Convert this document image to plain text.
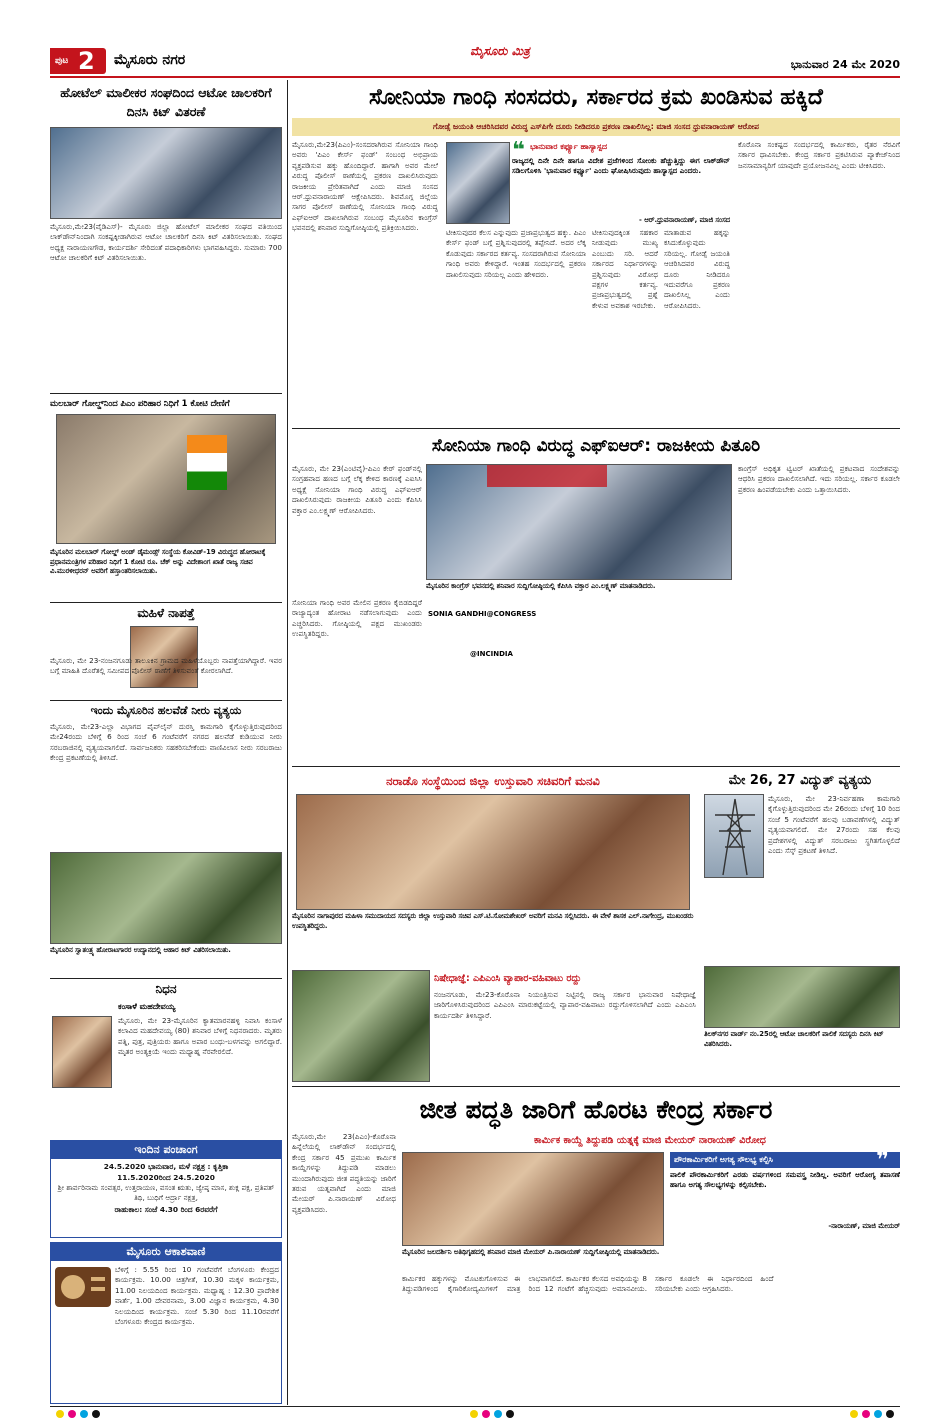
ಪುಟ 2 ಮೈಸೂರು ನಗರ
ಮೈಸೂರು ಮಿತ್ರ
ಭಾನುವಾರ 24 ಮೇ 2020
ಹೋಟೆಲ್ ಮಾಲೀಕರ ಸಂಘದಿಂದ ಆಟೋ ಚಾಲಕರಿಗೆ ದಿನಸಿ ಕಿಟ್ ವಿತರಣೆ
ಮೈಸೂರು,ಮೇ23(ವೈಡಿಎಸ್)- ಮೈಸೂರು ಜಿಲ್ಲಾ ಹೋಟೆಲ್ ಮಾಲೀಕರ ಸಂಘದ ವತಿಯಿಂದ ಲಾಕ್‌ಡೌನ್‌ನಿಂದಾಗಿ ಸಂಕಷ್ಟಕ್ಕೀಡಾಗಿರುವ ಆಟೋ ಚಾಲಕರಿಗೆ ದಿನಸಿ ಕಿಟ್ ವಿತರಿಸಲಾಯಿತು. ಸಂಘದ ಅಧ್ಯಕ್ಷ ನಾರಾಯಣಗೌಡ, ಕಾರ್ಯದರ್ಶಿ ಸೇರಿದಂತೆ ಪದಾಧಿಕಾರಿಗಳು ಭಾಗವಹಿಸಿದ್ದರು. ಸುಮಾರು 700 ಆಟೋ ಚಾಲಕರಿಗೆ ಕಿಟ್ ವಿತರಿಸಲಾಯಿತು.
ಮಲಬಾರ್ ಗೋಲ್ಡ್‌ನಿಂದ ಪಿಎಂ ಪರಿಹಾರ ನಿಧಿಗೆ 1 ಕೋಟಿ ದೇಣಿಗೆ
ಮೈಸೂರಿನ ಮಲಬಾರ್ ಗೋಲ್ಡ್ ಅಂಡ್ ಡೈಮಂಡ್ಸ್ ಸಂಸ್ಥೆಯ ಕೋವಿಡ್-19 ವಿರುದ್ಧದ ಹೋರಾಟಕ್ಕೆ ಪ್ರಧಾನಮಂತ್ರಿಗಳ ಪರಿಹಾರ ನಿಧಿಗೆ 1 ಕೋಟಿ ರೂ. ಚೆಕ್ ಅನ್ನು ವಿದೇಶಾಂಗ ಖಾತೆ ರಾಜ್ಯ ಸಚಿವ ವಿ.ಮುರಳೀಧರನ್ ಅವರಿಗೆ ಹಸ್ತಾಂತರಿಸಲಾಯಿತು.
ಮಹಿಳೆ ನಾಪತ್ತೆ
ಮೈಸೂರು, ಮೇ 23-ನಂಜನಗೂಡು ತಾಲೂಕಿನ ಗ್ರಾಮದ ಮಹಿಳೆಯೊಬ್ಬರು ನಾಪತ್ತೆಯಾಗಿದ್ದಾರೆ. ಇವರ ಬಗ್ಗೆ ಮಾಹಿತಿ ದೊರೆತಲ್ಲಿ ಸಮೀಪದ ಪೊಲೀಸ್ ಠಾಣೆಗೆ ತಿಳಿಸುವಂತೆ ಕೋರಲಾಗಿದೆ.
ಇಂದು ಮೈಸೂರಿನ ಹಲವೆಡೆ ನೀರು ವ್ಯತ್ಯಯ
ಮೈಸೂರು, ಮೇ23-ಎಲ್ಲಾ ವಿಭಾಗದ ಪೈಪ್‌ಲೈನ್ ದುರಸ್ತಿ ಕಾಮಗಾರಿ ಕೈಗೊಳ್ಳುತ್ತಿರುವುದರಿಂದ ಮೇ24ರಂದು ಬೆಳಿಗ್ಗೆ 6 ರಿಂದ ಸಂಜೆ 6 ಗಂಟೆವರೆಗೆ ನಗರದ ಹಲವೆಡೆ ಕುಡಿಯುವ ನೀರು ಸರಬರಾಜಿನಲ್ಲಿ ವ್ಯತ್ಯಯವಾಗಲಿದೆ. ಸಾರ್ವಜನಿಕರು ಸಹಕರಿಸಬೇಕೆಂದು ವಾಣಿವಿಲಾಸ ನೀರು ಸರಬರಾಜು ಕೇಂದ್ರ ಪ್ರಕಟಣೆಯಲ್ಲಿ ತಿಳಿಸಿದೆ.
ಮೈಸೂರಿನ ಸ್ವಾತಂತ್ರ್ಯ ಹೋರಾಟಗಾರರ ಉದ್ಯಾನದಲ್ಲಿ ಆಹಾರ ಕಿಟ್ ವಿತರಿಸಲಾಯಿತು.
ನಿಧನ
ಕಂಸಾಳೆ ಮಹದೇವಯ್ಯ
ಮೈಸೂರು, ಮೇ 23-ಮೈಸೂರಿನ ಕ್ಯಾತಮಾರನಹಳ್ಳಿ ನಿವಾಸಿ ಕಂಸಾಳೆ ಕಲಾವಿದ ಮಹದೇವಯ್ಯ (80) ಶನಿವಾರ ಬೆಳಿಗ್ಗೆ ನಿಧನರಾದರು. ಮೃತರು ಪತ್ನಿ, ಪುತ್ರ, ಪುತ್ರಿಯರು ಹಾಗೂ ಅಪಾರ ಬಂಧು-ಬಳಗವನ್ನು ಅಗಲಿದ್ದಾರೆ. ಮೃತರ ಅಂತ್ಯಕ್ರಿಯೆ ಇಂದು ಮಧ್ಯಾಹ್ನ ನೆರವೇರಲಿದೆ.
ಇಂದಿನ ಪಂಚಾಂಗ
24.5.2020 ಭಾನುವಾರ, ಮಳೆ ನಕ್ಷತ್ರ : ಕೃತ್ತಿಕಾ
11.5.2020ರಿಂದ 24.5.2020
ಶ್ರೀ ಶಾರ್ವರಿನಾಮ ಸಂವತ್ಸರ, ಉತ್ತರಾಯಣ, ವಸಂತ ಋತು, ಜ್ಯೇಷ್ಠ ಮಾಸ, ಶುಕ್ಲ ಪಕ್ಷ, ಪ್ರತಿಪತ್ ತಿಥಿ, ಬುಧಿಗೆ ಆರ್ದ್ರಾ ನಕ್ಷತ್ರ,
ರಾಹುಕಾಲ: ಸಂಜೆ 4.30 ರಿಂದ 6ರವರೆಗೆ
ಮೈಸೂರು ಆಕಾಶವಾಣಿ
ಬೆಳಿಗ್ಗೆ : 5.55 ರಿಂದ 10 ಗಂಟೆವರೆಗೆ ಬೆಂಗಳೂರು ಕೇಂದ್ರದ ಕಾರ್ಯಕ್ರಮ. 10.00 ಚಿತ್ರಗೀತೆ, 10.30 ಮಕ್ಕಳ ಕಾರ್ಯಕ್ರಮ, 11.00 ನಿಲಯದಿಂದ ಕಾರ್ಯಕ್ರಮ. ಮಧ್ಯಾಹ್ನ : 12.30 ಪ್ರಾದೇಶಿಕ ವಾರ್ತೆ, 1.00 ದೇವರನಾಮ, 3.00 ವಿಜ್ಞಾನ ಕಾರ್ಯಕ್ರಮ, 4.30 ನಿಲಯದಿಂದ ಕಾರ್ಯಕ್ರಮ. ಸಂಜೆ 5.30 ರಿಂದ 11.10ರವರೆಗೆ ಬೆಂಗಳೂರು ಕೇಂದ್ರದ ಕಾರ್ಯಕ್ರಮ.
ಸೋನಿಯಾ ಗಾಂಧಿ ಸಂಸದರು, ಸರ್ಕಾರದ ಕ್ರಮ ಖಂಡಿಸುವ ಹಕ್ಕಿದೆ
ಗೋಡ್ಸೆ ಜಯಂತಿ ಆಚರಿಸಿದವರ ವಿರುದ್ಧ ಎಸ್‌ಪಿಗೇ ದೂರು ನೀಡಿದರೂ ಪ್ರಕರಣ ದಾಖಲಿಸಿಲ್ಲ: ಮಾಜಿ ಸಂಸದ ಧ್ರುವನಾರಾಯಣ್ ಆರೋಪ
ಮೈಸೂರು,ಮೇ23(ಪಿಎಂ)-ಸಂಸದರಾಗಿರುವ ಸೋನಿಯಾ ಗಾಂಧಿ ಅವರು 'ಪಿಎಂ ಕೇರ್ಸ್ ಫಂಡ್' ಸಂಬಂಧ ಅಭಿಪ್ರಾಯ ವ್ಯಕ್ತಪಡಿಸುವ ಹಕ್ಕು ಹೊಂದಿದ್ದಾರೆ. ಹಾಗಾಗಿ ಅವರ ಮೇಲೆ ವಿರುದ್ಧ ಪೊಲೀಸ್ ಠಾಣೆಯಲ್ಲಿ ಪ್ರಕರಣ ದಾಖಲಿಸಿರುವುದು ರಾಜಕೀಯ ಪ್ರೇರಿತವಾಗಿದೆ ಎಂದು ಮಾಜಿ ಸಂಸದ ಆರ್.ಧ್ರುವನಾರಾಯಣ್ ಆಕ್ಷೇಪಿಸಿದರು. ಶಿವಮೊಗ್ಗ ಜಿಲ್ಲೆಯ ಸಾಗರ ಪೊಲೀಸ್ ಠಾಣೆಯಲ್ಲಿ ಸೋನಿಯಾ ಗಾಂಧಿ ವಿರುದ್ಧ ಎಫ್‌ಐಆರ್ ದಾಖಲಾಗಿರುವ ಸಂಬಂಧ ಮೈಸೂರಿನ ಕಾಂಗ್ರೆಸ್ ಭವನದಲ್ಲಿ ಶನಿವಾರ ಸುದ್ದಿಗೋಷ್ಠಿಯಲ್ಲಿ ಪ್ರತಿಕ್ರಿಯಿಸಿದರು.
❝ ಭಾನುವಾರ ಕರ್ಫ್ಯೂ ಹಾಸ್ಯಾಸ್ಪದ
ರಾಜ್ಯದಲ್ಲಿ ದಿನೇ ದಿನೇ ಹಾಗೂ ವಿದೇಶ ಪ್ರಜೆಗಳಿಂದ ಸೋಂಕು ಹೆಚ್ಚುತ್ತಿದ್ದು ಈಗ ಲಾಕ್‌ಡೌನ್ ಸಡಿಲಗೊಳಿಸಿ 'ಭಾನುವಾರ ಕರ್ಫ್ಯೂ' ಎಂದು ಘೋಷಿಸಿರುವುದು ಹಾಸ್ಯಾಸ್ಪದ ಎಂದರು.
- ಆರ್.ಧ್ರುವನಾರಾಯಣ್, ಮಾಜಿ ಸಂಸದ
ಟೀಕಿಸುವುದರ ಕೆಲಸ ಎನ್ನುವುದು ಪ್ರಜಾಪ್ರಭುತ್ವದ ಹಕ್ಕು. ಪಿಎಂ ಕೇರ್ಸ್ ಫಂಡ್ ಬಗ್ಗೆ ಪ್ರಶ್ನಿಸುವುದರಲ್ಲಿ ತಪ್ಪೇನಿದೆ. ಅದರ ಲೆಕ್ಕ ಕೊಡುವುದು ಸರ್ಕಾರದ ಕರ್ತವ್ಯ. ಸಂಸದರಾಗಿರುವ ಸೋನಿಯಾ ಗಾಂಧಿ ಅವರು ಕೇಳಿದ್ದಾರೆ. ಇಂತಹ ಸಂದರ್ಭದಲ್ಲಿ ಪ್ರಕರಣ ದಾಖಲಿಸುವುದು ಸರಿಯಲ್ಲ ಎಂದು ಹೇಳಿದರು.
ಟೀಕಿಸುವುದಕ್ಕಿಂತ ಸಹಕಾರ ನೀಡುವುದು ಮುಖ್ಯ ಎಂಬುದು ಸರಿ. ಆದರೆ ಸರ್ಕಾರದ ನಿರ್ಧಾರಗಳನ್ನು ಪ್ರಶ್ನಿಸುವುದು ವಿರೋಧ ಪಕ್ಷಗಳ ಕರ್ತವ್ಯ. ಪ್ರಜಾಪ್ರಭುತ್ವದಲ್ಲಿ ಪ್ರಶ್ನೆ ಕೇಳುವ ಅವಕಾಶ ಇರಬೇಕು.
ಮಾತಾಡುವ ಹಕ್ಕನ್ನು ಕಸಿದುಕೊಳ್ಳುವುದು ಸರಿಯಲ್ಲ. ಗೋಡ್ಸೆ ಜಯಂತಿ ಆಚರಿಸಿದವರ ವಿರುದ್ಧ ದೂರು ನೀಡಿದರೂ ಇದುವರೆಗೂ ಪ್ರಕರಣ ದಾಖಲಿಸಿಲ್ಲ ಎಂದು ಆರೋಪಿಸಿದರು.
ಕೊರೊನಾ ಸಂಕಷ್ಟದ ಸಂದರ್ಭದಲ್ಲಿ ಕಾರ್ಮಿಕರು, ರೈತರ ನೆರವಿಗೆ ಸರ್ಕಾರ ಧಾವಿಸಬೇಕು. ಕೇಂದ್ರ ಸರ್ಕಾರ ಪ್ರಕಟಿಸಿರುವ ಪ್ಯಾಕೇಜ್‌ನಿಂದ ಜನಸಾಮಾನ್ಯರಿಗೆ ಯಾವುದೇ ಪ್ರಯೋಜನವಿಲ್ಲ ಎಂದು ಟೀಕಿಸಿದರು.
ಸೋನಿಯಾ ಗಾಂಧಿ ವಿರುದ್ಧ ಎಫ್‌ಐಆರ್: ರಾಜಕೀಯ ಪಿತೂರಿ
ಮೈಸೂರು, ಮೇ 23(ಎಂಟಿವೈ)-ಪಿಎಂ ಕೇರ್ ಫಂಡ್‌ನಲ್ಲಿ ಸಂಗ್ರಹವಾದ ಹಣದ ಬಗ್ಗೆ ಲೆಕ್ಕ ಕೇಳಿದ ಕಾರಣಕ್ಕೆ ಎಐಸಿಸಿ ಅಧ್ಯಕ್ಷೆ ಸೋನಿಯಾ ಗಾಂಧಿ ವಿರುದ್ಧ ಎಫ್‌ಐಆರ್ ದಾಖಲಿಸಿರುವುದು ರಾಜಕೀಯ ಪಿತೂರಿ ಎಂದು ಕೆಪಿಸಿಸಿ ವಕ್ತಾರ ಎಂ.ಲಕ್ಷ್ಮಣ್ ಆರೋಪಿಸಿದರು.
ಮೈಸೂರಿನ ಕಾಂಗ್ರೆಸ್ ಭವನದಲ್ಲಿ ಶನಿವಾರ ಸುದ್ದಿಗೋಷ್ಠಿಯಲ್ಲಿ ಕೆಪಿಸಿಸಿ ವಕ್ತಾರ ಎಂ.ಲಕ್ಷ್ಮಣ್ ಮಾತನಾಡಿದರು.
ಕಾಂಗ್ರೆಸ್ ಅಧಿಕೃತ ಟ್ವಿಟರ್ ಖಾತೆಯಲ್ಲಿ ಪ್ರಕಟವಾದ ಸಂದೇಶವನ್ನು ಆಧರಿಸಿ ಪ್ರಕರಣ ದಾಖಲಿಸಲಾಗಿದೆ. ಇದು ಸರಿಯಲ್ಲ. ಸರ್ಕಾರ ಕೂಡಲೇ ಪ್ರಕರಣ ಹಿಂಪಡೆಯಬೇಕು ಎಂದು ಒತ್ತಾಯಿಸಿದರು.
ಸೋನಿಯಾ ಗಾಂಧಿ ಅವರ ಮೇಲಿನ ಪ್ರಕರಣ ಕೈಬಿಡದಿದ್ದರೆ ರಾಜ್ಯಾದ್ಯಂತ ಹೋರಾಟ ನಡೆಸಲಾಗುವುದು ಎಂದು ಎಚ್ಚರಿಸಿದರು. ಗೋಷ್ಠಿಯಲ್ಲಿ ಪಕ್ಷದ ಮುಖಂಡರು ಉಪಸ್ಥಿತರಿದ್ದರು.
SONIA GANDHI@CONGRESS
@INCINDIA
ನರಾಡೊ ಸಂಸ್ಥೆಯಿಂದ ಜಿಲ್ಲಾ ಉಸ್ತುವಾರಿ ಸಚಿವರಿಗೆ ಮನವಿ
ಮೈಸೂರಿನ ನಾಗಾಪುರದ ಮಹಿಳಾ ಸಮುದಾಯದ ಸದಸ್ಯರು ಜಿಲ್ಲಾ ಉಸ್ತುವಾರಿ ಸಚಿವ ಎಸ್.ಟಿ.ಸೋಮಶೇಖರ್ ಅವರಿಗೆ ಮನವಿ ಸಲ್ಲಿಸಿದರು. ಈ ವೇಳೆ ಶಾಸಕ ಎಲ್.ನಾಗೇಂದ್ರ, ಮುಖಂಡರು ಉಪಸ್ಥಿತರಿದ್ದರು.
ಮೇ 26, 27 ವಿದ್ಯುತ್ ವ್ಯತ್ಯಯ
ಮೈಸೂರು, ಮೇ 23-ನಿರ್ವಹಣಾ ಕಾಮಗಾರಿ ಕೈಗೊಳ್ಳುತ್ತಿರುವುದರಿಂದ ಮೇ 26ರಂದು ಬೆಳಿಗ್ಗೆ 10 ರಿಂದ ಸಂಜೆ 5 ಗಂಟೆವರೆಗೆ ಹಲವು ಬಡಾವಣೆಗಳಲ್ಲಿ ವಿದ್ಯುತ್ ವ್ಯತ್ಯಯವಾಗಲಿದೆ. ಮೇ 27ರಂದು ಸಹ ಕೆಲವು ಪ್ರದೇಶಗಳಲ್ಲಿ ವಿದ್ಯುತ್ ಸರಬರಾಜು ಸ್ಥಗಿತಗೊಳ್ಳಲಿದೆ ಎಂದು ಸೆಸ್ಕ್ ಪ್ರಕಟಣೆ ತಿಳಿಸಿದೆ.
ತಿಲಕ್‌ನಗರ ವಾರ್ಡ್ ನಂ.25ರಲ್ಲಿ ಆಟೋ ಚಾಲಕರಿಗೆ ಪಾಲಿಕೆ ಸದಸ್ಯರು ದಿನಸಿ ಕಿಟ್ ವಿತರಿಸಿದರು.
ನಿಷೇಧಾಜ್ಞೆ: ಎಪಿಎಂಸಿ ವ್ಯಾಪಾರ-ವಹಿವಾಟು ರದ್ದು
ನಂಜನಗೂಡು, ಮೇ23-ಕೊರೊನಾ ನಿಯಂತ್ರಿಸುವ ನಿಟ್ಟಿನಲ್ಲಿ ರಾಜ್ಯ ಸರ್ಕಾರ ಭಾನುವಾರ ನಿಷೇಧಾಜ್ಞೆ ಜಾರಿಗೊಳಿಸಿರುವುದರಿಂದ ಎಪಿಎಂಸಿ ಮಾರುಕಟ್ಟೆಯಲ್ಲಿ ವ್ಯಾಪಾರ-ವಹಿವಾಟು ರದ್ದುಗೊಳಿಸಲಾಗಿದೆ ಎಂದು ಎಪಿಎಂಸಿ ಕಾರ್ಯದರ್ಶಿ ತಿಳಿಸಿದ್ದಾರೆ.
ಜೀತ ಪದ್ಧತಿ ಜಾರಿಗೆ ಹೊರಟ ಕೇಂದ್ರ ಸರ್ಕಾರ
ಮೈಸೂರು,ಮೇ 23(ಪಿಎಂ)-ಕೊರೊನಾ ಹಿನ್ನೆಲೆಯಲ್ಲಿ ಲಾಕ್‌ಡೌನ್ ಸಂದರ್ಭದಲ್ಲಿ ಕೇಂದ್ರ ಸರ್ಕಾರ 45 ಪ್ರಮುಖ ಕಾರ್ಮಿಕ ಕಾಯ್ದೆಗಳನ್ನು ತಿದ್ದುಪಡಿ ಮಾಡಲು ಮುಂದಾಗಿರುವುದು ಜೀತ ಪದ್ಧತಿಯನ್ನು ಜಾರಿಗೆ ತರುವ ಯತ್ನವಾಗಿದೆ ಎಂದು ಮಾಜಿ ಮೇಯರ್ ಪಿ.ನಾರಾಯಣ್ ವಿರೋಧ ವ್ಯಕ್ತಪಡಿಸಿದರು.
ಕಾರ್ಮಿಕ ಕಾಯ್ದೆ ತಿದ್ದುಪಡಿ ಯತ್ನಕ್ಕೆ ಮಾಜಿ ಮೇಯರ್ ನಾರಾಯಣ್ ವಿರೋಧ
ಮೈಸೂರಿನ ಜಲದರ್ಶಿನಿ ಅತಿಥಿಗೃಹದಲ್ಲಿ ಶನಿವಾರ ಮಾಜಿ ಮೇಯರ್ ಪಿ.ನಾರಾಯಣ್ ಸುದ್ದಿಗೋಷ್ಠಿಯಲ್ಲಿ ಮಾತನಾಡಿದರು.
ಪೌರಕಾರ್ಮಿಕರಿಗೆ ಅಗತ್ಯ ಸೌಲಭ್ಯ ಕಲ್ಪಿಸಿ	❞
ಪಾಲಿಕೆ ಪೌರಕಾರ್ಮಿಕರಿಗೆ ಎರಡು ವರ್ಷಗಳಿಂದ ಸಮವಸ್ತ್ರ ನೀಡಿಲ್ಲ. ಅವರಿಗೆ ಆರೋಗ್ಯ ತಪಾಸಣೆ ಹಾಗೂ ಅಗತ್ಯ ಸೌಲಭ್ಯಗಳನ್ನು ಕಲ್ಪಿಸಬೇಕು.
-ನಾರಾಯಣ್, ಮಾಜಿ ಮೇಯರ್
ಕಾರ್ಮಿಕರ ಹಕ್ಕುಗಳನ್ನು ಮೊಟಕುಗೊಳಿಸುವ ಈ ತಿದ್ದುಪಡಿಗಳಿಂದ ಕೈಗಾರಿಕೋದ್ಯಮಿಗಳಿಗೆ ಮಾತ್ರ ಲಾಭವಾಗಲಿದೆ. ಕಾರ್ಮಿಕರ ಕೆಲಸದ ಅವಧಿಯನ್ನು 8 ರಿಂದ 12 ಗಂಟೆಗೆ ಹೆಚ್ಚಿಸುವುದು ಅಮಾನವೀಯ. ಸರ್ಕಾರ ಕೂಡಲೇ ಈ ನಿರ್ಧಾರದಿಂದ ಹಿಂದೆ ಸರಿಯಬೇಕು ಎಂದು ಆಗ್ರಹಿಸಿದರು.
